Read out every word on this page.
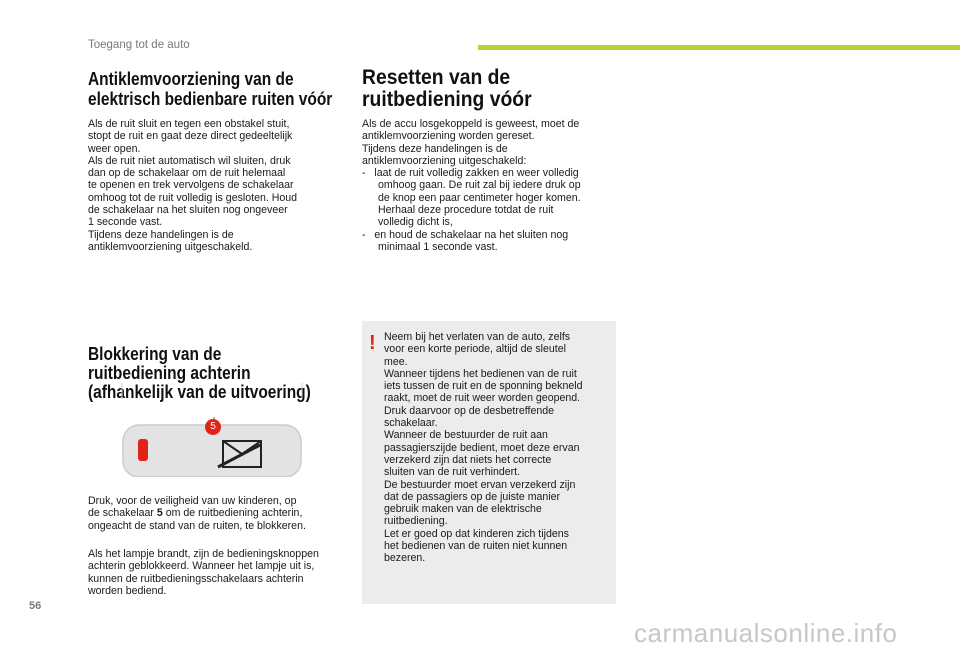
Toegang tot de auto
Antiklemvoorziening van de
elektrisch bedienbare ruiten vóór
Als de ruit sluit en tegen een obstakel stuit,
stopt de ruit en gaat deze direct gedeeltelijk
weer open.
Als de ruit niet automatisch wil sluiten, druk
dan op de schakelaar om de ruit helemaal
te openen en trek vervolgens de schakelaar
omhoog tot de ruit volledig is gesloten. Houd
de schakelaar na het sluiten nog ongeveer
1 seconde vast.
Tijdens deze handelingen is de
antiklemvoorziening uitgeschakeld.
Resetten van de
ruitbediening vóór
Als de accu losgekoppeld is geweest, moet de
antiklemvoorziening worden gereset.
Tijdens deze handelingen is de
antiklemvoorziening uitgeschakeld:
-   laat de ruit volledig zakken en weer volledig
omhoog gaan. De ruit zal bij iedere druk op
de knop een paar centimeter hoger komen.
Herhaal deze procedure totdat de ruit
volledig dicht is,
-   en houd de schakelaar na het sluiten nog
minimaal 1 seconde vast.
Blokkering van de
ruitbediening achterin
(afhankelijk van de uitvoering)
5
Druk, voor de veiligheid van uw kinderen, op
de schakelaar 5 om de ruitbediening achterin,
ongeacht de stand van de ruiten, te blokkeren.
Als het lampje brandt, zijn de bedieningsknoppen
achterin geblokkeerd. Wanneer het lampje uit is,
kunnen de ruitbedieningsschakelaars achterin
worden bediend.
! Neem bij het verlaten van de auto, zelfs
voor een korte periode, altijd de sleutel
mee.
Wanneer tijdens het bedienen van de ruit
iets tussen de ruit en de sponning bekneld
raakt, moet de ruit weer worden geopend.
Druk daarvoor op de desbetreffende
schakelaar.
Wanneer de bestuurder de ruit aan
passagierszijde bedient, moet deze ervan
verzekerd zijn dat niets het correcte
sluiten van de ruit verhindert.
De bestuurder moet ervan verzekerd zijn
dat de passagiers op de juiste manier
gebruik maken van de elektrische
ruitbediening.
Let er goed op dat kinderen zich tijdens
het bedienen van de ruiten niet kunnen
bezeren.
56
carmanualsonline.info
